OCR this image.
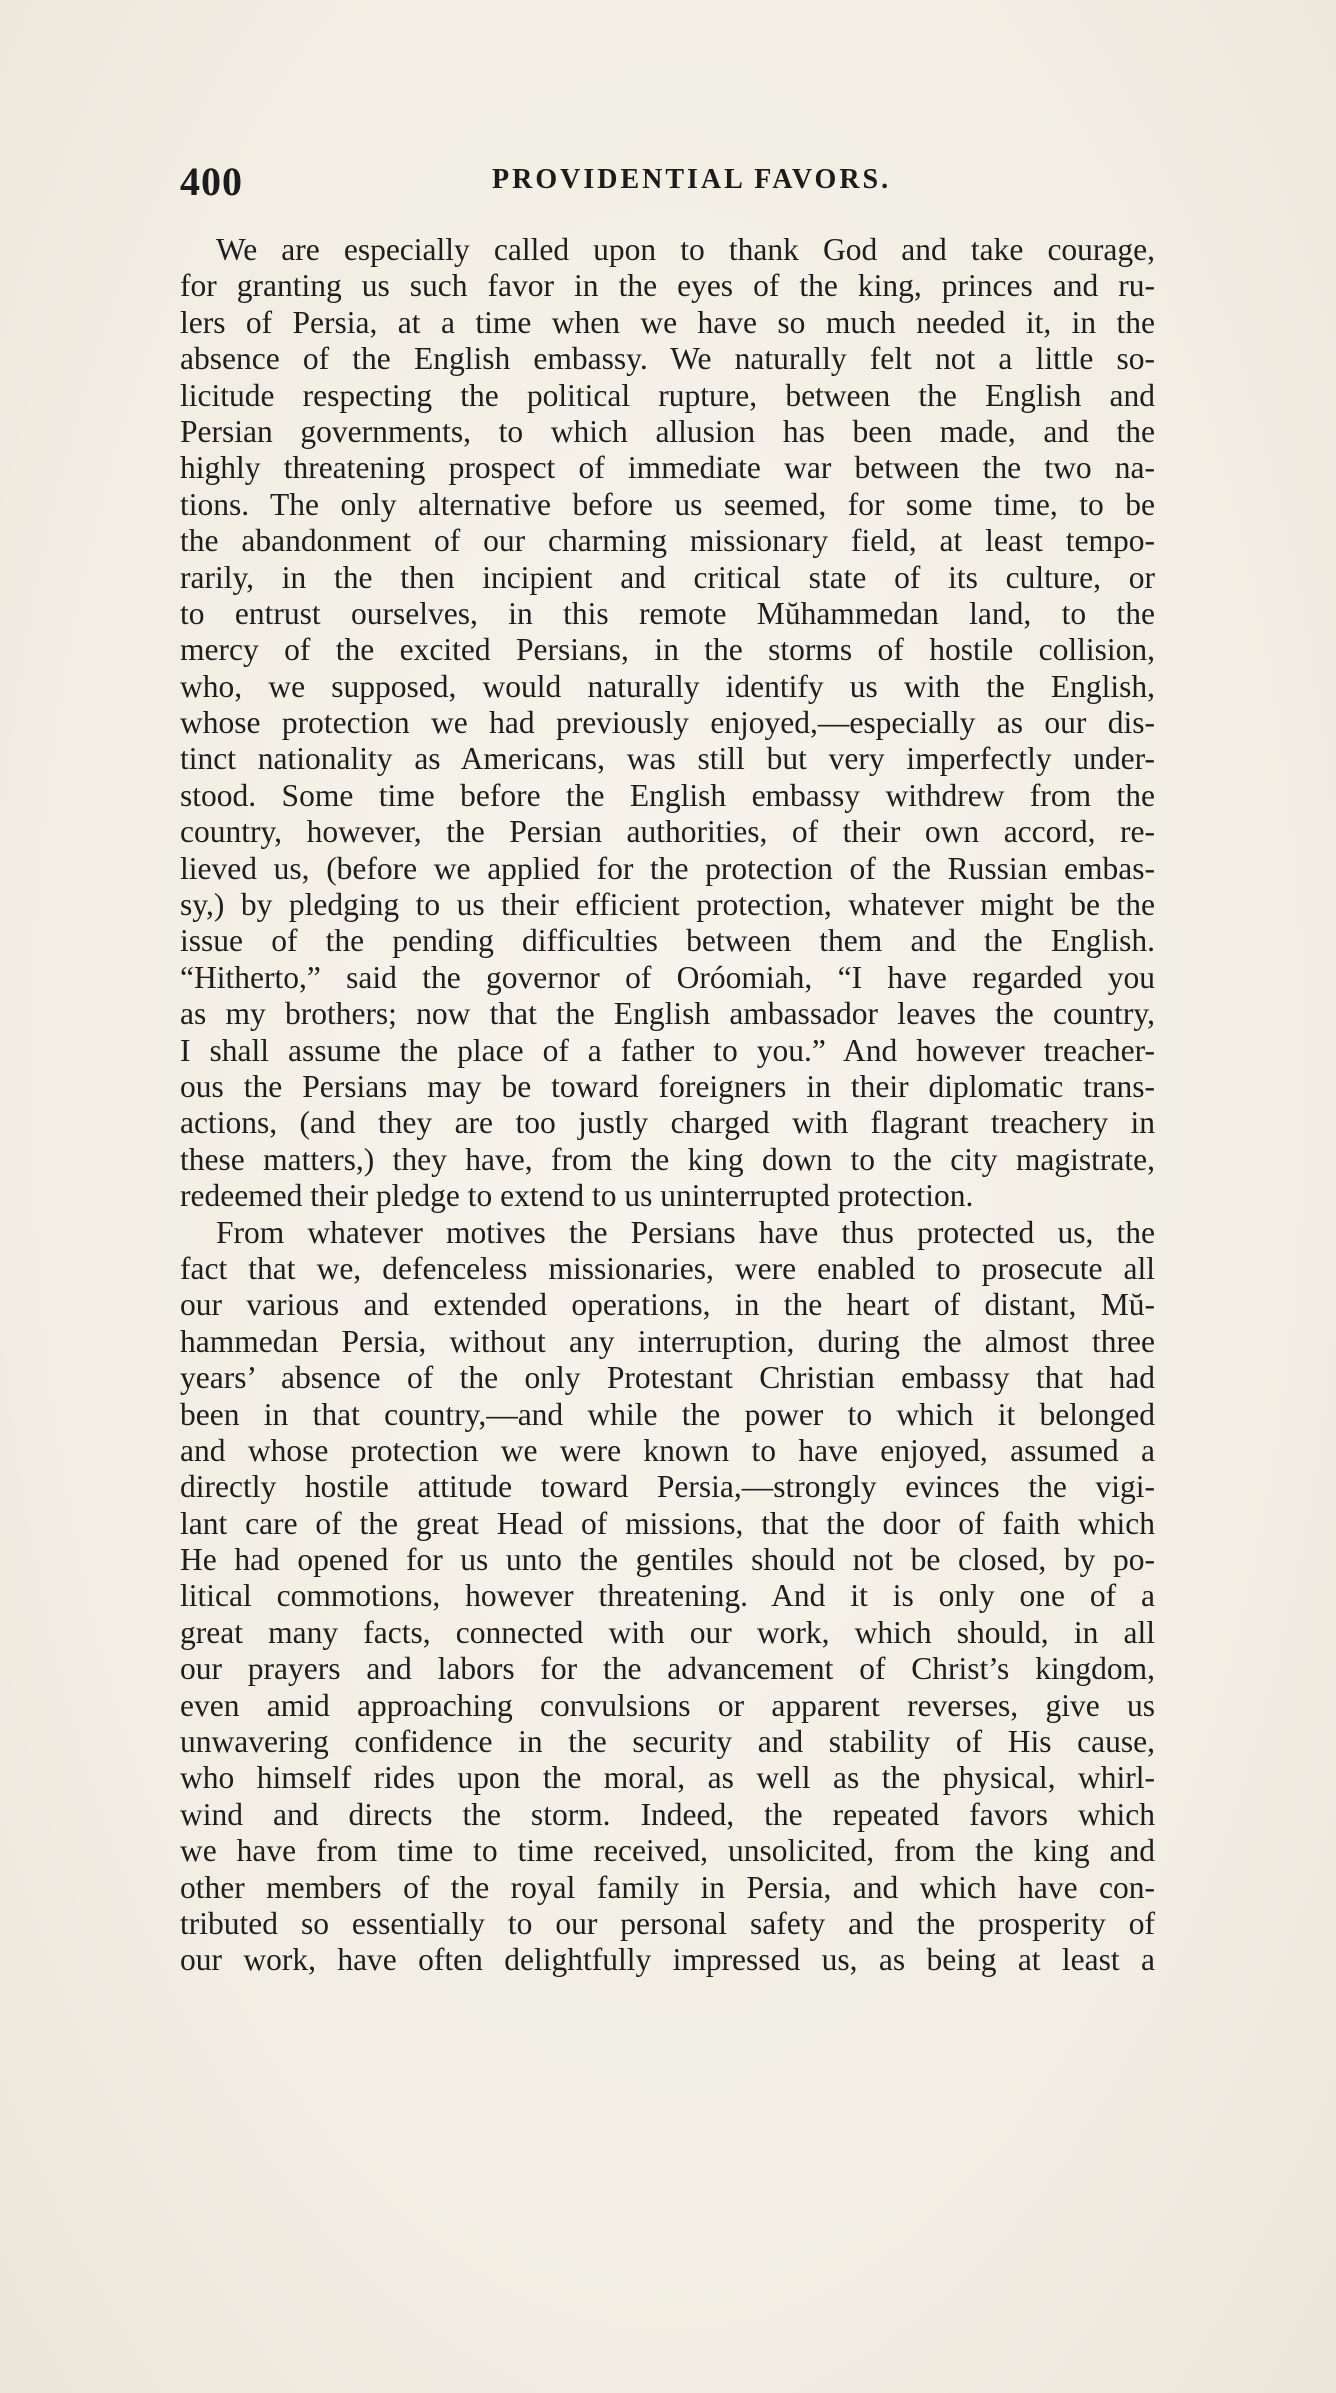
400	PROVIDENTIAL FAVORS.
We are especially called upon to thank God and take courage,
for granting us such favor in the eyes of the king, princes and ru-
lers of Persia, at a time when we have so much needed it, in the
absence of the English embassy. We naturally felt not a little so-
licitude respecting the political rupture, between the English and
Persian governments, to which allusion has been made, and the
highly threatening prospect of immediate war between the two na-
tions. The only alternative before us seemed, for some time, to be
the abandonment of our charming missionary field, at least tempo-
rarily, in the then incipient and critical state of its culture, or
to entrust ourselves, in this remote Mŭhammedan land, to the
mercy of the excited Persians, in the storms of hostile collision,
who, we supposed, would naturally identify us with the English,
whose protection we had previously enjoyed,—especially as our dis-
tinct nationality as Americans, was still but very imperfectly under-
stood. Some time before the English embassy withdrew from the
country, however, the Persian authorities, of their own accord, re-
lieved us, (before we applied for the protection of the Russian embas-
sy,) by pledging to us their efficient protection, whatever might be the
issue of the pending difficulties between them and the English.
“Hitherto,” said the governor of Oróomiah, “I have regarded you
as my brothers; now that the English ambassador leaves the country,
I shall assume the place of a father to you.” And however treacher-
ous the Persians may be toward foreigners in their diplomatic trans-
actions, (and they are too justly charged with flagrant treachery in
these matters,) they have, from the king down to the city magistrate,
redeemed their pledge to extend to us uninterrupted protection.
From whatever motives the Persians have thus protected us, the
fact that we, defenceless missionaries, were enabled to prosecute all
our various and extended operations, in the heart of distant, Mŭ-
hammedan Persia, without any interruption, during the almost three
years’ absence of the only Protestant Christian embassy that had
been in that country,—and while the power to which it belonged
and whose protection we were known to have enjoyed, assumed a
directly hostile attitude toward Persia,—strongly evinces the vigi-
lant care of the great Head of missions, that the door of faith which
He had opened for us unto the gentiles should not be closed, by po-
litical commotions, however threatening. And it is only one of a
great many facts, connected with our work, which should, in all
our prayers and labors for the advancement of Christ’s kingdom,
even amid approaching convulsions or apparent reverses, give us
unwavering confidence in the security and stability of His cause,
who himself rides upon the moral, as well as the physical, whirl-
wind and directs the storm. Indeed, the repeated favors which
we have from time to time received, unsolicited, from the king and
other members of the royal family in Persia, and which have con-
tributed so essentially to our personal safety and the prosperity of
our work, have often delightfully impressed us, as being at least a
